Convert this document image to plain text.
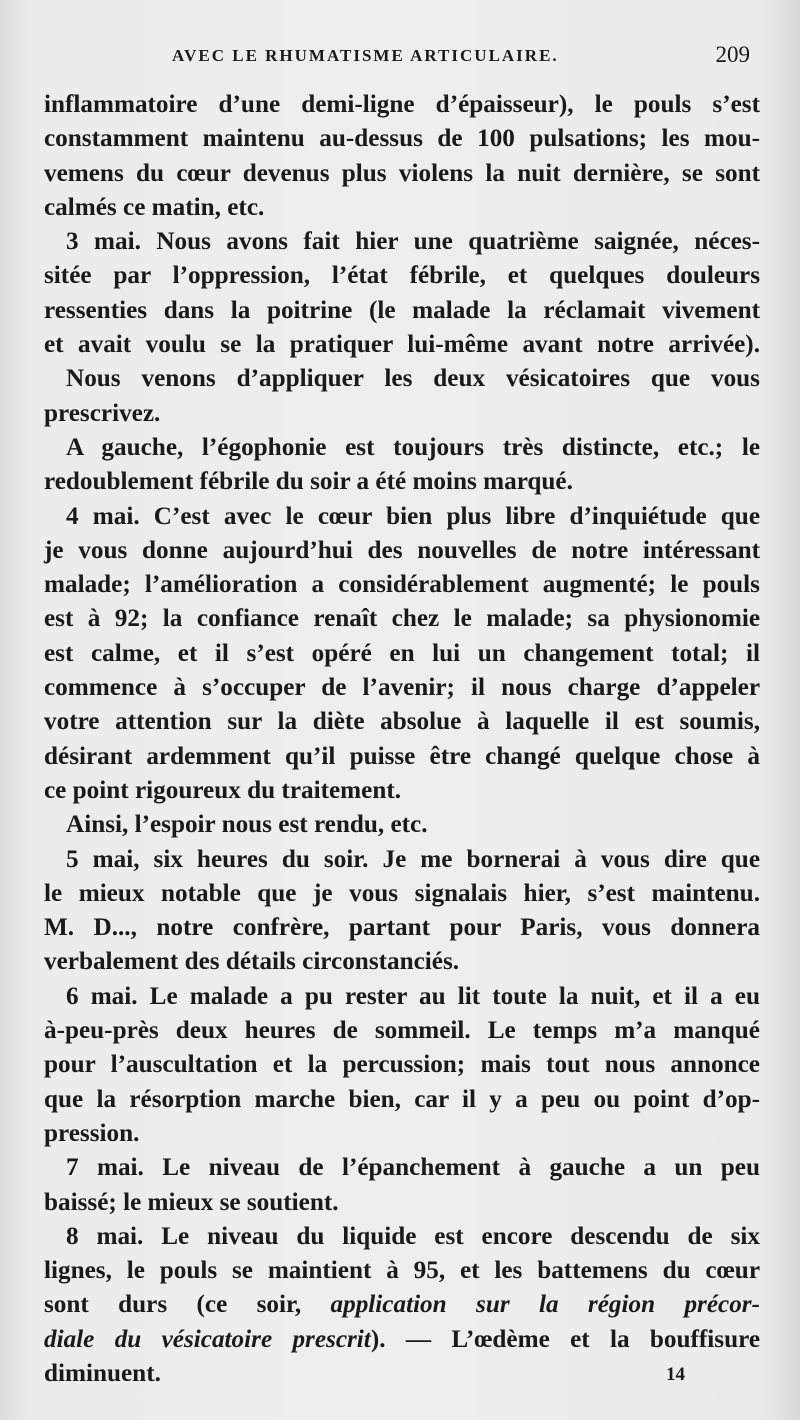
AVEC LE RHUMATISME ARTICULAIRE.	209
inflammatoire d’une demi-ligne d’épaisseur), le pouls s’est
constamment maintenu au-dessus de 100 pulsations; les mou-
vemens du cœur devenus plus violens la nuit dernière, se sont
calmés ce matin, etc.
3 mai. Nous avons fait hier une quatrième saignée, néces-
sitée par l’oppression, l’état fébrile, et quelques douleurs
ressenties dans la poitrine (le malade la réclamait vivement
et avait voulu se la pratiquer lui-même avant notre arrivée).
Nous venons d’appliquer les deux vésicatoires que vous
prescrivez.
A gauche, l’égophonie est toujours très distincte, etc.; le
redoublement fébrile du soir a été moins marqué.
4 mai. C’est avec le cœur bien plus libre d’inquiétude que
je vous donne aujourd’hui des nouvelles de notre intéressant
malade; l’amélioration a considérablement augmenté; le pouls
est à 92; la confiance renaît chez le malade; sa physionomie
est calme, et il s’est opéré en lui un changement total; il
commence à s’occuper de l’avenir; il nous charge d’appeler
votre attention sur la diète absolue à laquelle il est soumis,
désirant ardemment qu’il puisse être changé quelque chose à
ce point rigoureux du traitement.
Ainsi, l’espoir nous est rendu, etc.
5 mai, six heures du soir. Je me bornerai à vous dire que
le mieux notable que je vous signalais hier, s’est maintenu.
M. D..., notre confrère, partant pour Paris, vous donnera
verbalement des détails circonstanciés.
6 mai. Le malade a pu rester au lit toute la nuit, et il a eu
à-peu-près deux heures de sommeil. Le temps m’a manqué
pour l’auscultation et la percussion; mais tout nous annonce
que la résorption marche bien, car il y a peu ou point d’op-
pression.
7 mai. Le niveau de l’épanchement à gauche a un peu
baissé; le mieux se soutient.
8 mai. Le niveau du liquide est encore descendu de six
lignes, le pouls se maintient à 95, et les battemens du cœur
sont durs (ce soir, application sur la région précor-
diale du vésicatoire prescrit). — L’œdème et la bouffisure
diminuent.	14
